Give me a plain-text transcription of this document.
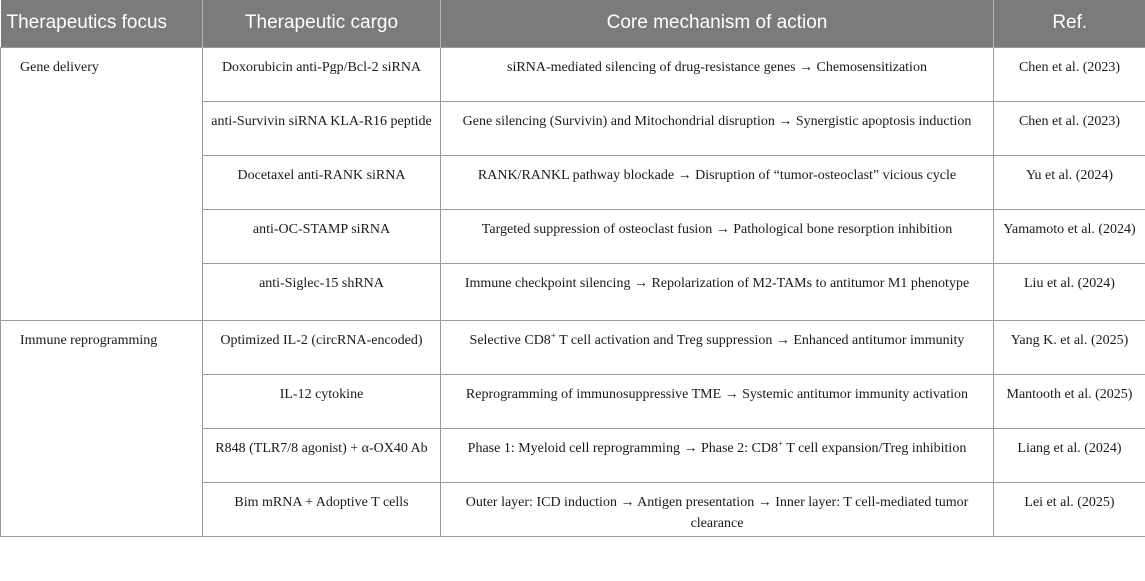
Therapeutics focus	Therapeutic cargo	Core mechanism of action	Ref.
Gene delivery	Doxorubicin anti-Pgp/Bcl-2 siRNA	siRNA-mediated silencing of drug-resistance genes → Chemosensitization	Chen et al. (2023)
	anti-Survivin siRNA KLA-R16 peptide	Gene silencing (Survivin) and Mitochondrial disruption → Synergistic apoptosis induction	Chen et al. (2023)
	Docetaxel anti-RANK siRNA	RANK/RANKL pathway blockade → Disruption of “tumor-osteoclast” vicious cycle	Yu et al. (2024)
	anti-OC-STAMP siRNA	Targeted suppression of osteoclast fusion → Pathological bone resorption inhibition	Yamamoto et al. (2024)
	anti-Siglec-15 shRNA	Immune checkpoint silencing → Repolarization of M2-TAMs to antitumor M1 phenotype	Liu et al. (2024)
Immune reprogramming	Optimized IL-2 (circRNA-encoded)	Selective CD8+ T cell activation and Treg suppression → Enhanced antitumor immunity	Yang K. et al. (2025)
	IL-12 cytokine	Reprogramming of immunosuppressive TME → Systemic antitumor immunity activation	Mantooth et al. (2025)
	R848 (TLR7/8 agonist) + α-OX40 Ab	Phase 1: Myeloid cell reprogramming → Phase 2: CD8+ T cell expansion/Treg inhibition	Liang et al. (2024)
	Bim mRNA + Adoptive T cells	Outer layer: ICD induction → Antigen presentation → Inner layer: T cell-mediated tumor clearance	Lei et al. (2025)
